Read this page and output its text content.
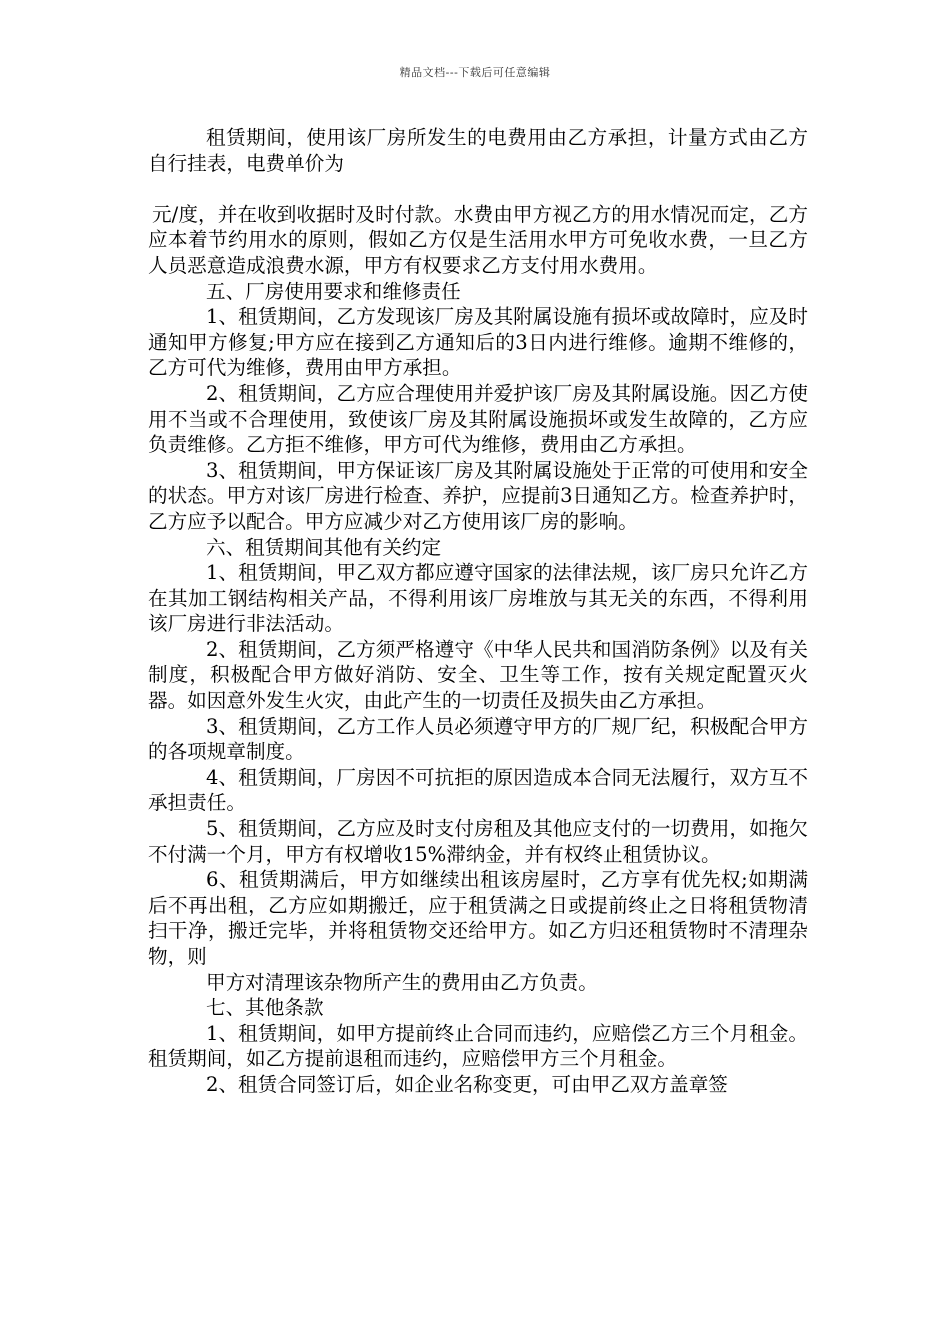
精品文档---下载后可任意编辑

租赁期间，使用该厂房所发生的电费用由乙方承担，计量方式由乙方自行挂表，电费单价为

元/度，并在收到收据时及时付款。水费由甲方视乙方的用水情况而定，乙方应本着节约用水的原则，假如乙方仅是生活用水甲方可免收水费，一旦乙方人员恶意造成浪费水源，甲方有权要求乙方支付用水费用。

五、厂房使用要求和维修责任

1、租赁期间，乙方发现该厂房及其附属设施有损坏或故障时，应及时通知甲方修复;甲方应在接到乙方通知后的3日内进行维修。逾期不维修的，乙方可代为维修，费用由甲方承担。

2、租赁期间，乙方应合理使用并爱护该厂房及其附属设施。因乙方使用不当或不合理使用，致使该厂房及其附属设施损坏或发生故障的，乙方应负责维修。乙方拒不维修，甲方可代为维修，费用由乙方承担。

3、租赁期间，甲方保证该厂房及其附属设施处于正常的可使用和安全的状态。甲方对该厂房进行检查、养护，应提前3日通知乙方。检查养护时，乙方应予以配合。甲方应减少对乙方使用该厂房的影响。

六、租赁期间其他有关约定

1、租赁期间，甲乙双方都应遵守国家的法律法规，该厂房只允许乙方在其加工钢结构相关产品，不得利用该厂房堆放与其无关的东西，不得利用该厂房进行非法活动。

2、租赁期间，乙方须严格遵守《中华人民共和国消防条例》以及有关制度，积极配合甲方做好消防、安全、卫生等工作，按有关规定配置灭火器。如因意外发生火灾，由此产生的一切责任及损失由乙方承担。

3、租赁期间，乙方工作人员必须遵守甲方的厂规厂纪，积极配合甲方的各项规章制度。

4、租赁期间，厂房因不可抗拒的原因造成本合同无法履行，双方互不承担责任。

5、租赁期间，乙方应及时支付房租及其他应支付的一切费用，如拖欠不付满一个月，甲方有权增收15%滞纳金，并有权终止租赁协议。

6、租赁期满后，甲方如继续出租该房屋时，乙方享有优先权;如期满后不再出租，乙方应如期搬迁，应于租赁满之日或提前终止之日将租赁物清扫干净，搬迁完毕，并将租赁物交还给甲方。如乙方归还租赁物时不清理杂物，则

甲方对清理该杂物所产生的费用由乙方负责。

七、其他条款

1、租赁期间，如甲方提前终止合同而违约，应赔偿乙方三个月租金。租赁期间，如乙方提前退租而违约，应赔偿甲方三个月租金。

2、租赁合同签订后，如企业名称变更，可由甲乙双方盖章签
